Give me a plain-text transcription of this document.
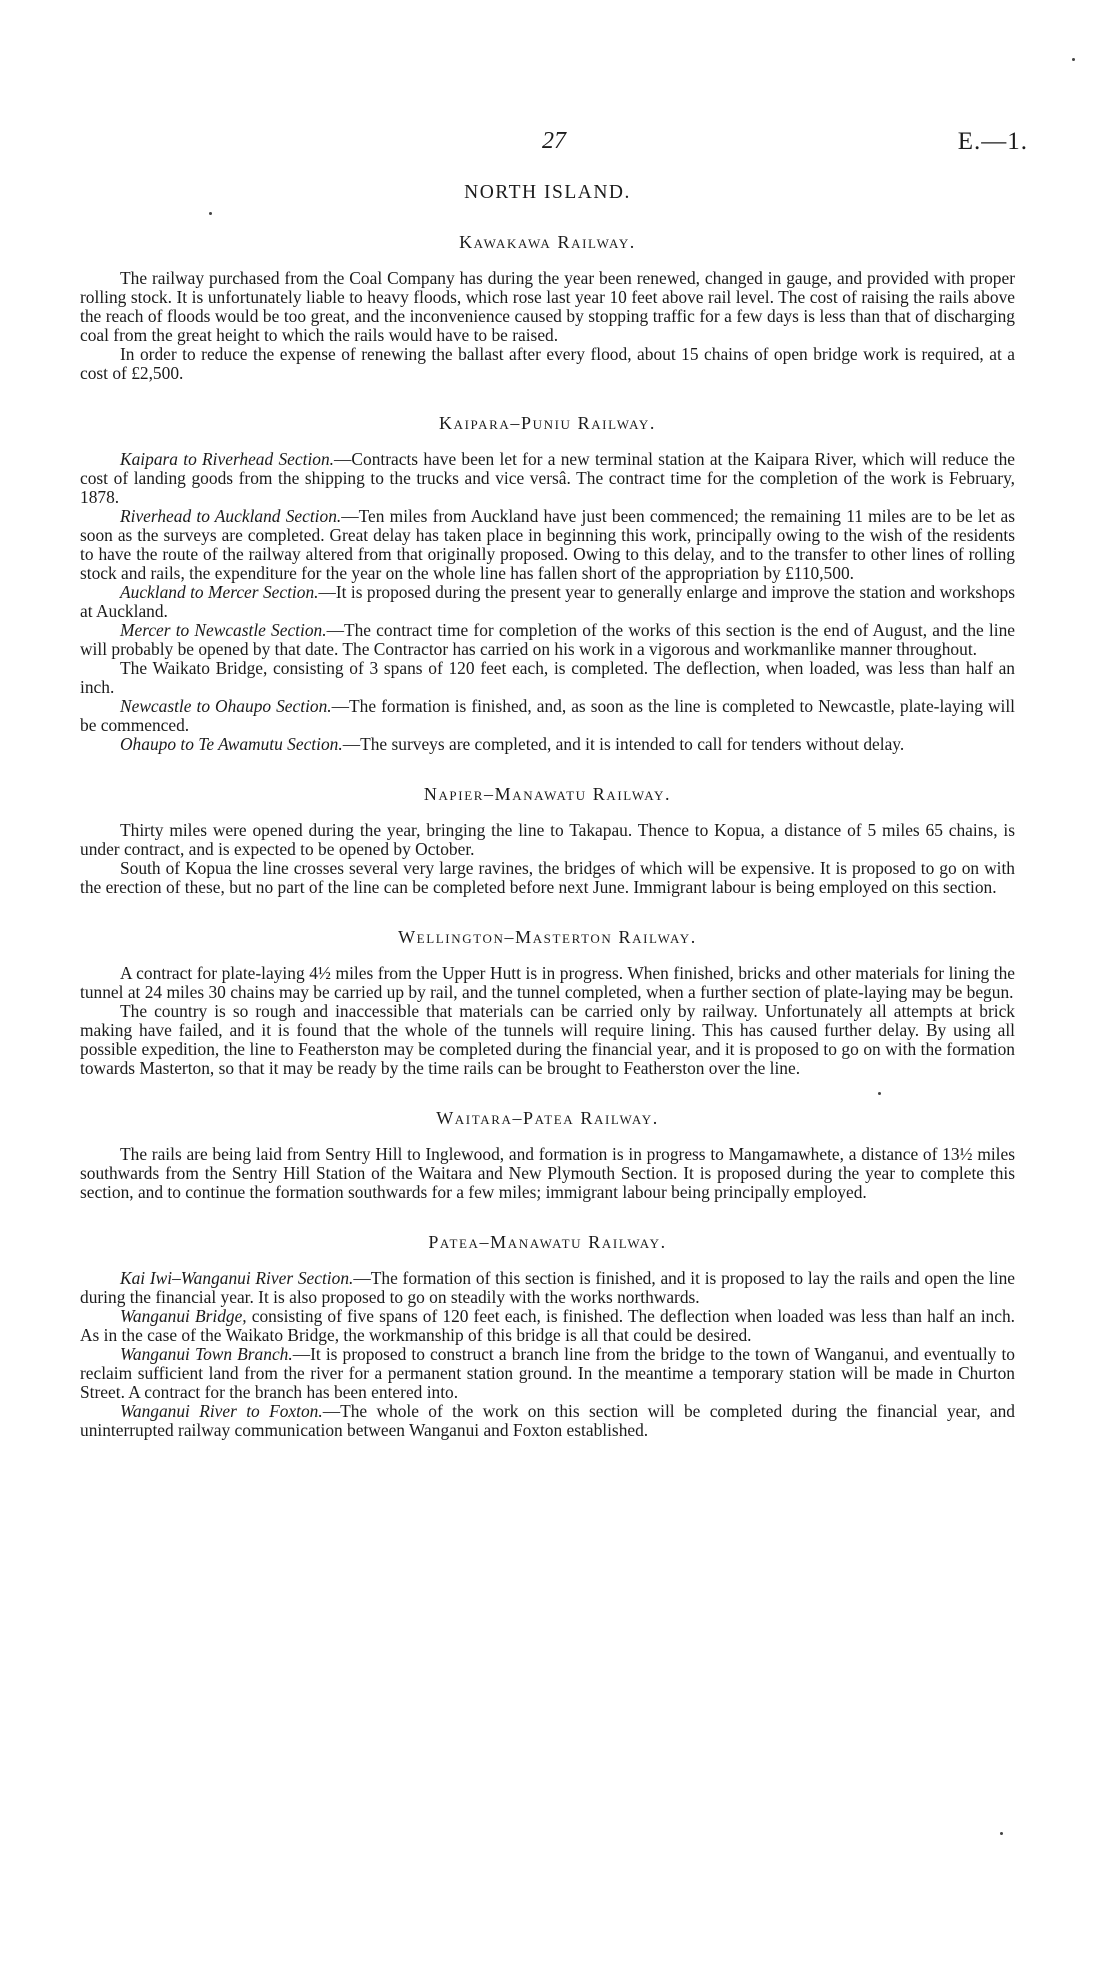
27	E.—1.
NORTH ISLAND.
Kawakawa Railway.

The railway purchased from the Coal Company has during the year been renewed, changed in gauge, and provided with proper rolling stock. It is unfortunately liable to heavy floods, which rose last year 10 feet above rail level. The cost of raising the rails above the reach of floods would be too great, and the inconvenience caused by stopping traffic for a few days is less than that of discharging coal from the great height to which the rails would have to be raised.

In order to reduce the expense of renewing the ballast after every flood, about 15 chains of open bridge work is required, at a cost of £2,500.

Kaipara–Puniu Railway.

Kaipara to Riverhead Section.—Contracts have been let for a new terminal station at the Kaipara River, which will reduce the cost of landing goods from the shipping to the trucks and vice versâ. The contract time for the completion of the work is February, 1878.

Riverhead to Auckland Section.—Ten miles from Auckland have just been commenced; the remaining 11 miles are to be let as soon as the surveys are completed. Great delay has taken place in beginning this work, principally owing to the wish of the residents to have the route of the railway altered from that originally proposed. Owing to this delay, and to the transfer to other lines of rolling stock and rails, the expenditure for the year on the whole line has fallen short of the appropriation by £110,500.

Auckland to Mercer Section.—It is proposed during the present year to generally enlarge and improve the station and workshops at Auckland.

Mercer to Newcastle Section.—The contract time for completion of the works of this section is the end of August, and the line will probably be opened by that date. The Contractor has carried on his work in a vigorous and workmanlike manner throughout.

The Waikato Bridge, consisting of 3 spans of 120 feet each, is completed. The deflection, when loaded, was less than half an inch.

Newcastle to Ohaupo Section.—The formation is finished, and, as soon as the line is completed to Newcastle, plate-laying will be commenced.

Ohaupo to Te Awamutu Section.—The surveys are completed, and it is intended to call for tenders without delay.

Napier–Manawatu Railway.

Thirty miles were opened during the year, bringing the line to Takapau. Thence to Kopua, a distance of 5 miles 65 chains, is under contract, and is expected to be opened by October.

South of Kopua the line crosses several very large ravines, the bridges of which will be expensive. It is proposed to go on with the erection of these, but no part of the line can be completed before next June. Immigrant labour is being employed on this section.

Wellington–Masterton Railway.

A contract for plate-laying 4½ miles from the Upper Hutt is in progress. When finished, bricks and other materials for lining the tunnel at 24 miles 30 chains may be carried up by rail, and the tunnel completed, when a further section of plate-laying may be begun.

The country is so rough and inaccessible that materials can be carried only by railway. Unfortunately all attempts at brick making have failed, and it is found that the whole of the tunnels will require lining. This has caused further delay. By using all possible expedition, the line to Featherston may be completed during the financial year, and it is proposed to go on with the formation towards Masterton, so that it may be ready by the time rails can be brought to Featherston over the line.

Waitara–Patea Railway.

The rails are being laid from Sentry Hill to Inglewood, and formation is in progress to Mangamawhete, a distance of 13½ miles southwards from the Sentry Hill Station of the Waitara and New Plymouth Section. It is proposed during the year to complete this section, and to continue the formation southwards for a few miles; immigrant labour being principally employed.

Patea–Manawatu Railway.

Kai Iwi–Wanganui River Section.—The formation of this section is finished, and it is proposed to lay the rails and open the line during the financial year. It is also proposed to go on steadily with the works northwards.

Wanganui Bridge, consisting of five spans of 120 feet each, is finished. The deflection when loaded was less than half an inch. As in the case of the Waikato Bridge, the workmanship of this bridge is all that could be desired.

Wanganui Town Branch.—It is proposed to construct a branch line from the bridge to the town of Wanganui, and eventually to reclaim sufficient land from the river for a permanent station ground. In the meantime a temporary station will be made in Churton Street. A contract for the branch has been entered into.

Wanganui River to Foxton.—The whole of the work on this section will be completed during the financial year, and uninterrupted railway communication between Wanganui and Foxton established.
